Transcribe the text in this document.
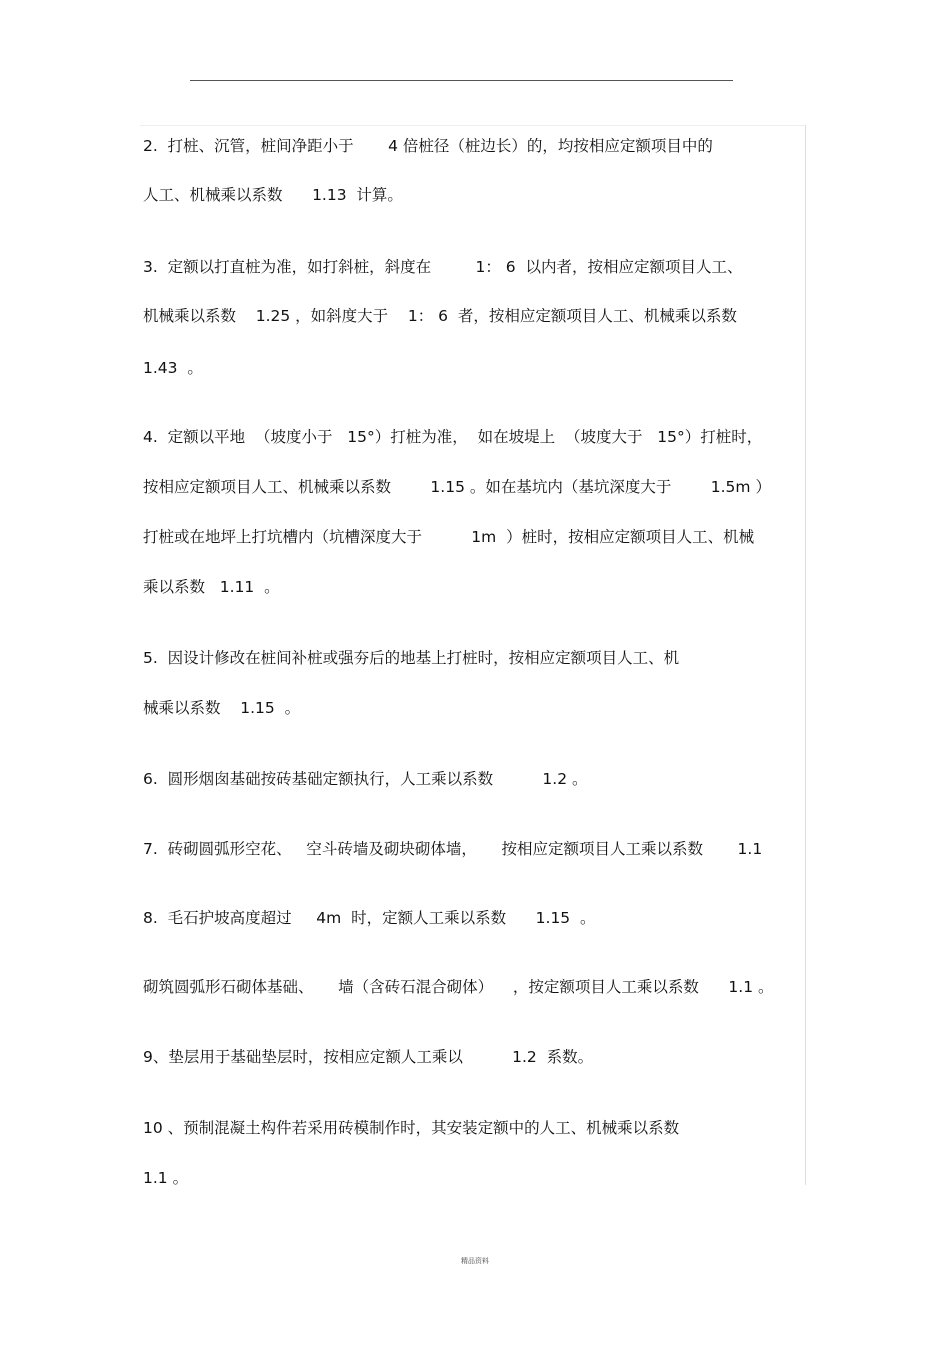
2.  打桩、沉管，桩间净距小于       4 倍桩径（桩边长）的，均按相应定额项目中的
人工、机械乘以系数      1.13  计算。
3.  定额以打直桩为准，如打斜桩，斜度在         1： 6  以内者，按相应定额项目人工、
机械乘以系数    1.25 ，如斜度大于    1： 6  者，按相应定额项目人工、机械乘以系数
1.43  。
4.  定额以平地  （坡度小于   15°）打桩为准，  如在坡堤上  （坡度大于   15°）打桩时，
按相应定额项目人工、机械乘以系数        1.15 。如在基坑内（基坑深度大于        1.5m ）
打桩或在地坪上打坑槽内（坑槽深度大于          1m  ）桩时，按相应定额项目人工、机械
乘以系数   1.11  。
5.  因设计修改在桩间补桩或强夯后的地基上打桩时，按相应定额项目人工、机
械乘以系数    1.15  。
6.  圆形烟囱基础按砖基础定额执行，人工乘以系数          1.2 。
7.  砖砌圆弧形空花、   空斗砖墙及砌块砌体墙，     按相应定额项目人工乘以系数       1.1
8.  毛石护坡高度超过     4m  时，定额人工乘以系数      1.15  。
砌筑圆弧形石砌体基础、     墙（含砖石混合砌体）    ，按定额项目人工乘以系数      1.1 。
9、垫层用于基础垫层时，按相应定额人工乘以          1.2  系数。
10 、预制混凝土构件若采用砖模制作时，其安装定额中的人工、机械乘以系数
1.1 。
精品资料
